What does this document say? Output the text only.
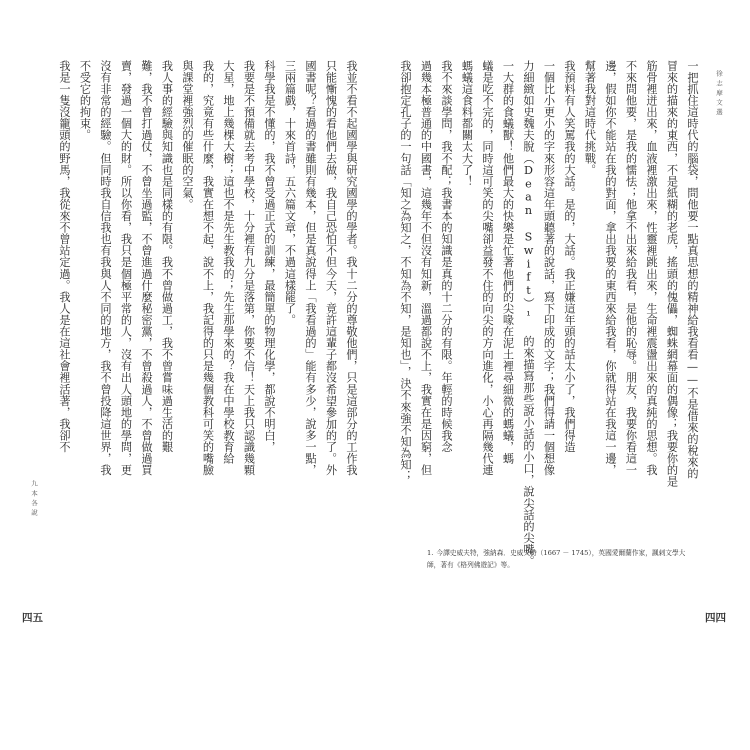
我並不看不起國學與研究國學的學者。我十二分的尊敬他們，只是這部分的工作我

只能慚愧的看他們去做，我自己恐怕不但今天，竟許這輩子都沒希望參加的了。外

國書呢？看過的書雖則有幾本，但是真說得上「我看過的」能有多少，說多一點，

三兩篇戲，十來首詩，五六篇文章，不過這樣罷了。

科學我是不懂的，我不曾受過正式的訓練，最簡單的物理化學，都說不明白，

我要是不預備就去考中學校，十分裡有九分是落第，你要不信！天上我只認識幾顆

大星，地上幾棵大樹；這也不是先生教我的；先生那學來的？我在中學校教育給

我的，究竟有些什麼，我實在想不起，說不上，我記得的只是幾個教科可笑的嘴臉

與課堂裡強烈的催眠的空氣。

我人事的經驗與知識也是同樣的有限。我不曾做過工，我不曾嘗味過生活的艱

難，我不曾打過仗，不曾坐過監，不曾進過什麼秘密黨，不曾殺過人，不曾做過買

賣，發過一個大的財。所以你看，我只是個極平常的人，沒有出人頭地的學問，更

沒有非常的經驗。但同時我自信我也有我與人不同的地方，我不曾投降這世界，我

不受它的拘束。

我是一隻沒籠頭的野馬，我從來不曾站定過。我人是在這社會裡活著，我卻不

九 本 各 說
四五

一把抓住這時代的腦袋，問他要一點真思想的精神給我看看——不是借來的稅來的

冒來的描來的東西，不是紙糊的老虎，搖頭的傀儡，蜘蛛網幕面的偶像；我要你的是

筋骨裡迸出來，血液裡激出來，性靈裡跳出來，生命裡震盪出來的真純的思想。我

不來問他要，是我的懦怯；他拿不出來給我看，是他的恥辱。朋友，我要你看這一

邊，假如你不能站在我的對面，拿出我要的東西來給我看，你就得站在我這一邊，

幫著我對這時代挑戰。

我預料有人笑罵我的大話。是的，大話。我正嫌這年頭的話太小了，我們得造

一個比小更小的字來形容這年頭聽著的說話，寫下印成的文字；我們得請一個想像

力細緻如史魏夫脫（Dean Swift）¹ 的來描寫那些說小話的小口，說尖話的尖嘴。

一大群的食蟻獸！他們最大的快樂是忙著他們的尖喙在泥土裡尋細微的螞蟻，螞

蟻是吃不完的，同時這可笑的尖嘴卻益發不住的向尖的方向進化，小心再隔幾代連

螞蟻這食料都關太大了！

我不來談學問，我不配；我書本的知識是真的十二分的有限。年輕的時候我念

過幾本極普通的中國書，這幾年不但沒有知新，溫過都說不上，我實在是因窮，但

我卻抱定孔子的一句話「知之為知之，不知為不知，是知也」，決不來強不知為知；	徐 志 摩 文 選
1. 今譯史威夫特，強納森．史威夫特（1667 － 1745），英國愛爾蘭作家，諷刺文學大師，著有《格列佛遊記》等。
四四
